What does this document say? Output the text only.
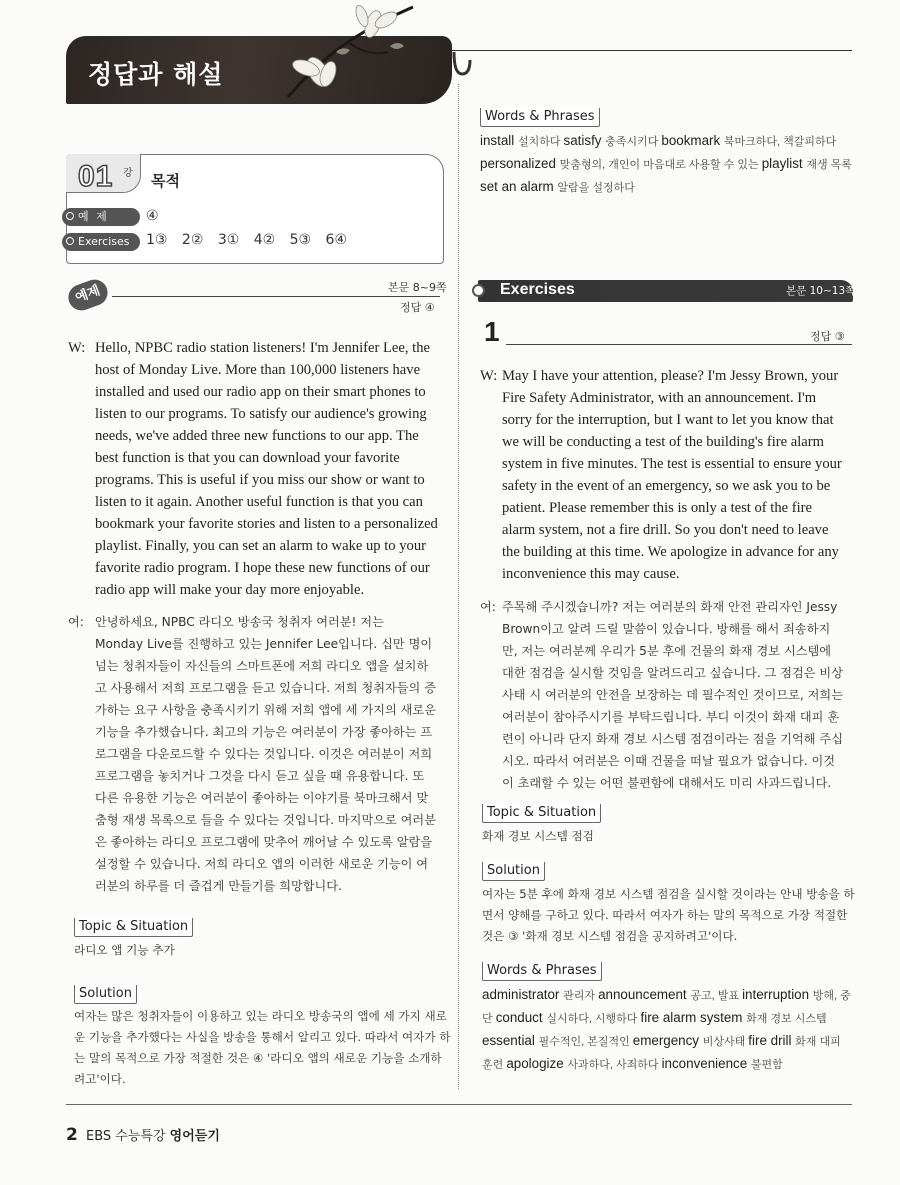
정답과 해설
01 강 목적
예 제	④
Exercises	1③ 2② 3① 4② 5③ 6④
예제	본문 8~9쪽
정답 ④
W: Hello, NPBC radio station listeners! I'm Jennifer Lee, the
host of Monday Live. More than 100,000 listeners have
installed and used our radio app on their smart phones to
listen to our programs. To satisfy our audience's growing
needs, we've added three new functions to our app. The
best function is that you can download your favorite
programs. This is useful if you miss our show or want to
listen to it again. Another useful function is that you can
bookmark your favorite stories and listen to a personalized
playlist. Finally, you can set an alarm to wake up to your
favorite radio program. I hope these new functions of our
radio app will make your day more enjoyable.
여: 안녕하세요, NPBC 라디오 방송국 청취자 여러분! 저는
Monday Live를 진행하고 있는 Jennifer Lee입니다. 십만 명이
넘는 청취자들이 자신들의 스마트폰에 저희 라디오 앱을 설치하
고 사용해서 저희 프로그램을 듣고 있습니다. 저희 청취자들의 증
가하는 요구 사항을 충족시키기 위해 저희 앱에 세 가지의 새로운
기능을 추가했습니다. 최고의 기능은 여러분이 가장 좋아하는 프
로그램을 다운로드할 수 있다는 것입니다. 이것은 여러분이 저희
프로그램을 놓치거나 그것을 다시 듣고 싶을 때 유용합니다. 또
다른 유용한 기능은 여러분이 좋아하는 이야기를 북마크해서 맞
춤형 재생 목록으로 들을 수 있다는 것입니다. 마지막으로 여러분
은 좋아하는 라디오 프로그램에 맞추어 깨어날 수 있도록 알람을
설정할 수 있습니다. 저희 라디오 앱의 이러한 새로운 기능이 여
러분의 하루를 더 즐겁게 만들기를 희망합니다.
Topic & Situation
라디오 앱 기능 추가
Solution
여자는 많은 청취자들이 이용하고 있는 라디오 방송국의 앱에 세 가지 새로
운 기능을 추가했다는 사실을 방송을 통해서 알리고 있다. 따라서 여자가 하
는 말의 목적으로 가장 적절한 것은 ④ '라디오 앱의 새로운 기능을 소개하
려고'이다.
Words & Phrases
install 설치하다 satisfy 충족시키다 bookmark 북마크하다, 책갈피하다 personalized 맞춤형의, 개인이 마음대로 사용할 수 있는 playlist 재생 목록 set an alarm 알람을 설정하다
Exercises	본문 10~13쪽
1	정답 ③
W: May I have your attention, please? I'm Jessy Brown, your
Fire Safety Administrator, with an announcement. I'm
sorry for the interruption, but I want to let you know that
we will be conducting a test of the building's fire alarm
system in five minutes. The test is essential to ensure your
safety in the event of an emergency, so we ask you to be
patient. Please remember this is only a test of the fire
alarm system, not a fire drill. So you don't need to leave
the building at this time. We apologize in advance for any
inconvenience this may cause.
여: 주목해 주시겠습니까? 저는 여러분의 화재 안전 관리자인 Jessy
Brown이고 알려 드릴 말씀이 있습니다. 방해를 해서 죄송하지
만, 저는 여러분께 우리가 5분 후에 건물의 화재 경보 시스템에
대한 점검을 실시할 것임을 알려드리고 싶습니다. 그 점검은 비상
사태 시 여러분의 안전을 보장하는 데 필수적인 것이므로, 저희는
여러분이 참아주시기를 부탁드립니다. 부디 이것이 화재 대피 훈
련이 아니라 단지 화재 경보 시스템 점검이라는 점을 기억해 주십
시오. 따라서 여러분은 이때 건물을 떠날 필요가 없습니다. 이것
이 초래할 수 있는 어떤 불편함에 대해서도 미리 사과드립니다.
Topic & Situation
화재 경보 시스템 점검
Solution
여자는 5분 후에 화재 경보 시스템 점검을 실시할 것이라는 안내 방송을 하
면서 양해를 구하고 있다. 따라서 여자가 하는 말의 목적으로 가장 적절한
것은 ③ '화재 경보 시스템 점검을 공지하려고'이다.
Words & Phrases
administrator 관리자 announcement 공고, 발표 interruption 방해, 중단 conduct 실시하다, 시행하다 fire alarm system 화재 경보 시스템 essential 필수적인, 본질적인 emergency 비상사태 fire drill 화재 대피 훈련 apologize 사과하다, 사죄하다 inconvenience 불편함
2 EBS 수능특강 영어듣기
